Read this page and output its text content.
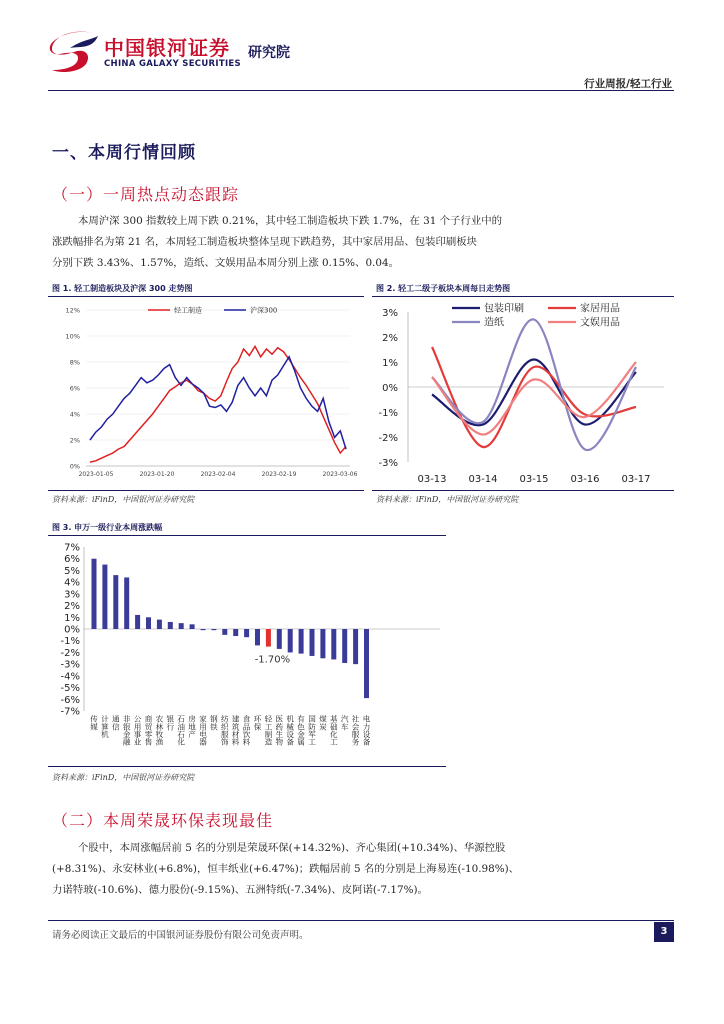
中国银河证券 研究院
CHINA GALAXY SECURITIES
行业周报/轻工行业
一、本周行情回顾
（一）一周热点动态跟踪
本周沪深 300 指数较上周下跌 0.21%，其中轻工制造板块下跌 1.7%，在 31 个子行业中的
涨跌幅排名为第 21 名，本周轻工制造板块整体呈现下跌趋势，其中家居用品、包装印刷板块
分别下跌 3.43%、1.57%，造纸、文娱用品本周分别上涨 0.15%、0.04。
图 1. 轻工制造板块及沪深 300 走势图
0%
2%
4%
6%
8%
10%
12%
2023-01-05	2023-01-20	2023-02-04	2023-02-19	2023-03-06
轻工制造	沪深300
资料来源：iFinD，中国银河证券研究院
图 2. 轻工二级子板块本周每日走势图
3%
2%
1%
0%
-1%
-2%
-3%
03-13 03-14 03-15 03-16 03-17
包装印刷	家居用品
造纸	文娱用品
资料来源：iFinD，中国银河证券研究院
图 3. 申万一级行业本周涨跌幅
7%
6%
5%
4%
3%
2%
1%
0%
-1%
-2%
-3%
-4%
-5%
-6%
-7%
传媒 计算机 通信 非银金融 公用事业 商贸零售 农林牧渔 银行 石油石化 房地产 家用电器 钢铁 纺织服饰 建筑材料 食品饮料 环保 轻工制造 医药生物 机械设备 有色金属 国防军工 煤炭 基础化工 汽车 社会服务 电力设备
-1.70%
资料来源：iFinD，中国银河证券研究院
（二）本周荣晟环保表现最佳
个股中，本周涨幅居前 5 名的分别是荣晟环保(+14.32%)、齐心集团(+10.34%)、华源控股
(+8.31%)、永安林业(+6.8%)，恒丰纸业(+6.47%)；跌幅居前 5 名的分别是上海易连(-10.98%)、
力诺特玻(-10.6%)、德力股份(-9.15%)、五洲特纸(-7.34%)、皮阿诺(-7.17%)。
请务必阅读正文最后的中国银河证券股份有限公司免责声明。	3
